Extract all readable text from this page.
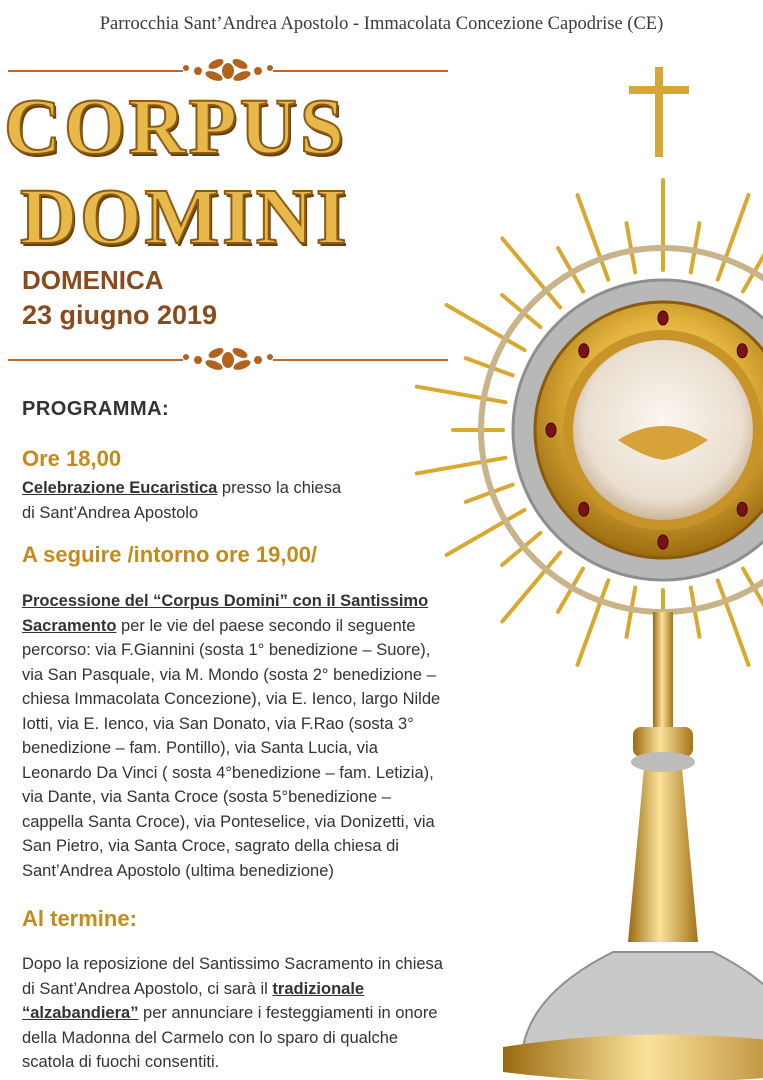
Parrocchia Sant’Andrea Apostolo - Immacolata Concezione Capodrise (CE)
CORPUS
DOMINI
DOMENICA
23 giugno 2019
PROGRAMMA:
Ore 18,00
Celebrazione Eucaristica presso la chiesa
di Sant’Andrea Apostolo
A seguire /intorno ore 19,00/
Processione del “Corpus Domini” con il Santissimo
Sacramento per le vie del paese secondo il seguente
percorso: via F.Giannini (sosta 1° benedizione – Suore),
via San Pasquale, via M. Mondo (sosta 2° benedizione –
chiesa Immacolata Concezione), via E. Ienco, largo Nilde
Iotti, via E. Ienco, via San Donato, via F.Rao (sosta 3°
benedizione – fam. Pontillo), via Santa Lucia, via
Leonardo Da Vinci ( sosta 4°benedizione – fam. Letizia),
via Dante, via Santa Croce (sosta 5°benedizione –
cappella Santa Croce), via Ponteselice, via Donizetti, via
San Pietro, via Santa Croce, sagrato della chiesa di
Sant’Andrea Apostolo (ultima benedizione)
Al termine:
Dopo la reposizione del Santissimo Sacramento in chiesa
di Sant’Andrea Apostolo, ci sarà il tradizionale
“alzabandiera” per annunciare i festeggiamenti in onore
della Madonna del Carmelo con lo sparo di qualche
scatola di fuochi consentiti.
